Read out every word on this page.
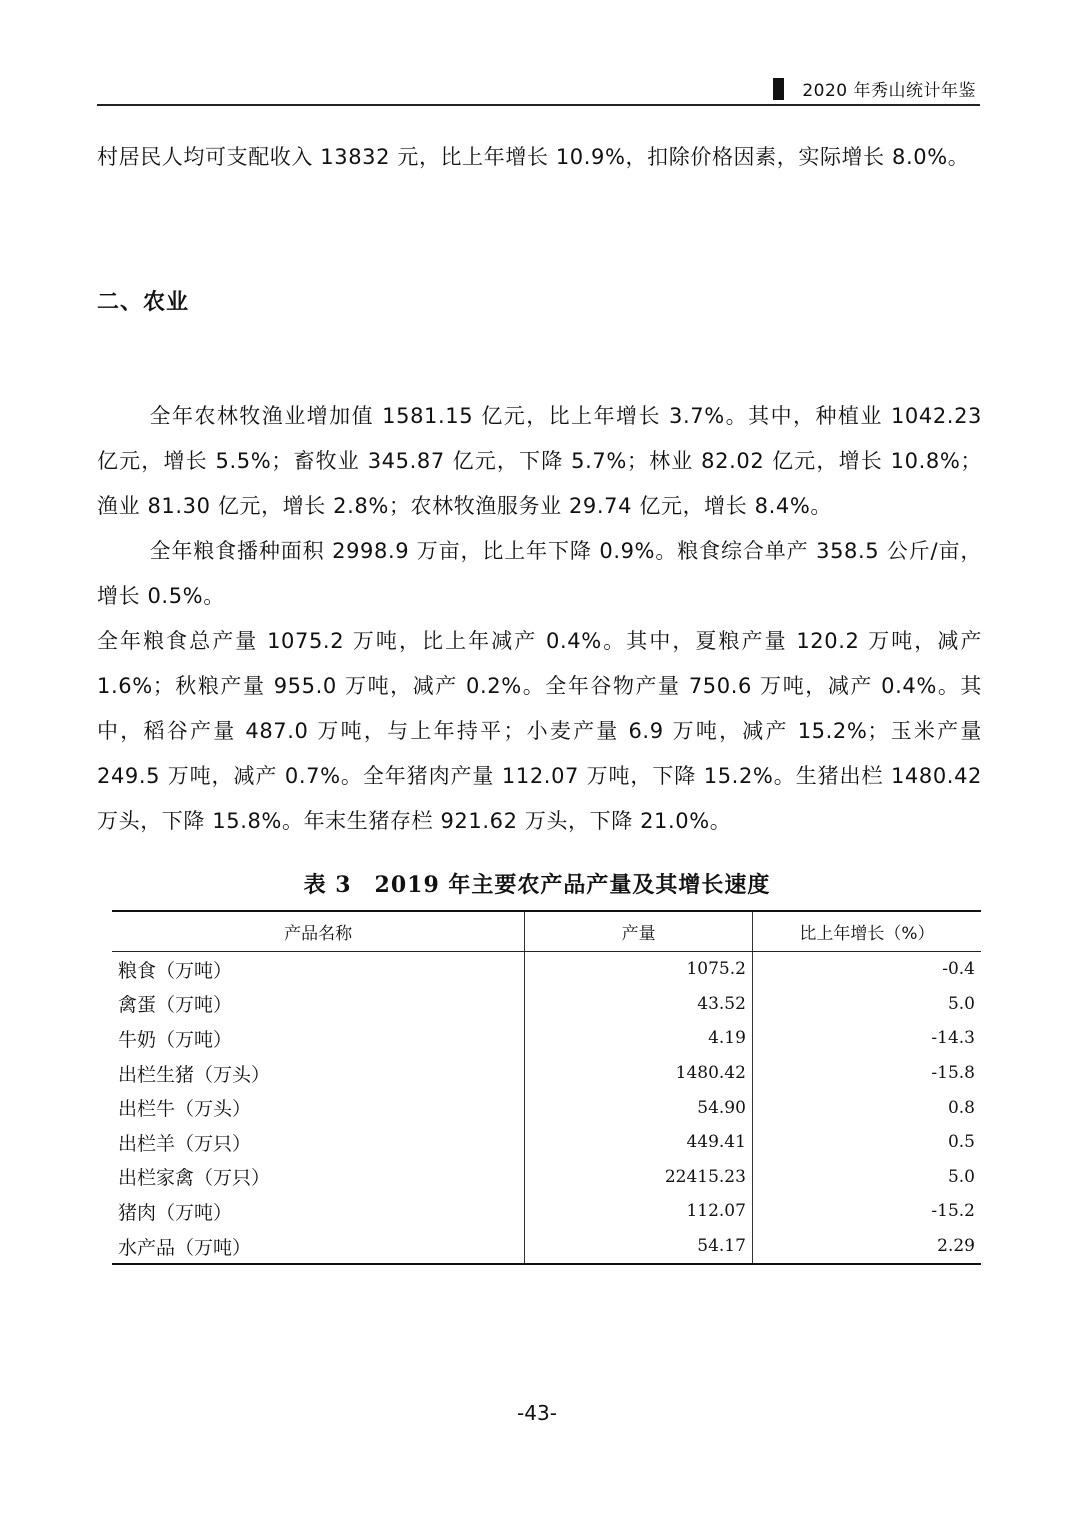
2020 年秀山统计年鉴

村居民人均可支配收入 13832 元，比上年增长 10.9%，扣除价格因素，实际增长 8.0%。

二、农业

全年农林牧渔业增加值 1581.15 亿元，比上年增长 3.7%。其中，种植业 1042.23 亿元，增长 5.5%；畜牧业 345.87 亿元，下降 5.7%；林业 82.02 亿元，增长 10.8%；渔业 81.30 亿元，增长 2.8%；农林牧渔服务业 29.74 亿元，增长 8.4%。

全年粮食播种面积 2998.9 万亩，比上年下降 0.9%。粮食综合单产 358.5 公斤/亩，增长 0.5%。

全年粮食总产量 1075.2 万吨，比上年减产 0.4%。其中，夏粮产量 120.2 万吨，减产 1.6%；秋粮产量 955.0 万吨，减产 0.2%。全年谷物产量 750.6 万吨，减产 0.4%。其中，稻谷产量 487.0 万吨，与上年持平；小麦产量 6.9 万吨，减产 15.2%；玉米产量 249.5 万吨，减产 0.7%。全年猪肉产量 112.07 万吨，下降 15.2%。生猪出栏 1480.42 万头，下降 15.8%。年末生猪存栏 921.62 万头，下降 21.0%。

表 3　2019 年主要农产品产量及其增长速度
产品名称	产量	比上年增长（%）
粮食（万吨）	1075.2	-0.4
禽蛋（万吨）	43.52	5.0
牛奶（万吨）	4.19	-14.3
出栏生猪（万头）	1480.42	-15.8
出栏牛（万头）	54.90	0.8
出栏羊（万只）	449.41	0.5
出栏家禽（万只）	22415.23	5.0
猪肉（万吨）	112.07	-15.2
水产品（万吨）	54.17	2.29
-43-
